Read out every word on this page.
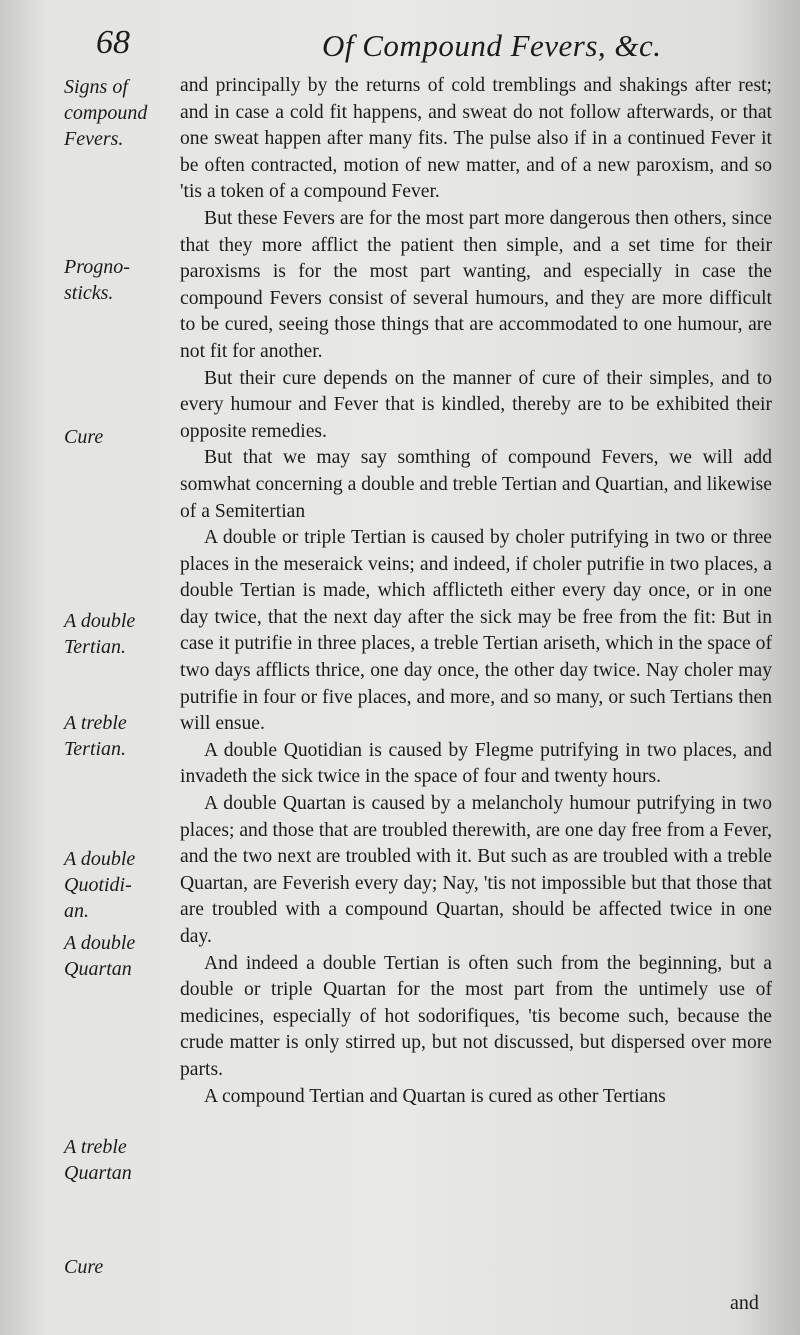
68	Of Compound Fevers, &c.
Signs of
compound
Fevers.
Progno-
sticks.
Cure
A double
Tertian.
A treble
Tertian.
A double
Quotidi-
an.
A double
Quartan
A treble
Quartan
Cure

and principally by the returns of cold tremblings and shakings after rest; and in case a cold fit happens, and sweat do not follow afterwards, or that one sweat happen after many fits. The pulse also if in a continued Fever it be often contracted, motion of new matter, and of a new paroxism, and so 'tis a token of a compound Fever.

But these Fevers are for the most part more dangerous then others, since that they more afflict the patient then simple, and a set time for their paroxisms is for the most part wanting, and especially in case the compound Fevers consist of several humours, and they are more difficult to be cured, seeing those things that are accommodated to one humour, are not fit for another.

But their cure depends on the manner of cure of their simples, and to every humour and Fever that is kindled, thereby are to be exhibited their opposite remedies.

But that we may say somthing of compound Fevers, we will add somwhat concerning a double and treble Tertian and Quartian, and likewise of a Semitertian

A double or triple Tertian is caused by choler putrifying in two or three places in the meseraick veins; and indeed, if choler putrifie in two places, a double Tertian is made, which afflicteth either every day once, or in one day twice, that the next day after the sick may be free from the fit: But in case it putrifie in three places, a treble Tertian ariseth, which in the space of two days afflicts thrice, one day once, the other day twice. Nay choler may putrifie in four or five places, and more, and so many, or such Tertians then will ensue.

A double Quotidian is caused by Flegme putrifying in two places, and invadeth the sick twice in the space of four and twenty hours.

A double Quartan is caused by a melancholy humour putrifying in two places; and those that are troubled therewith, are one day free from a Fever, and the two next are troubled with it. But such as are troubled with a treble Quartan, are Feverish every day; Nay, 'tis not impossible but that those that are troubled with a compound Quartan, should be affected twice in one day.

And indeed a double Tertian is often such from the beginning, but a double or triple Quartan for the most part from the untimely use of medicines, especially of hot sodorifiques, 'tis become such, because the crude matter is only stirred up, but not discussed, but dispersed over more parts.

A compound Tertian and Quartan is cured as other Tertians

and
